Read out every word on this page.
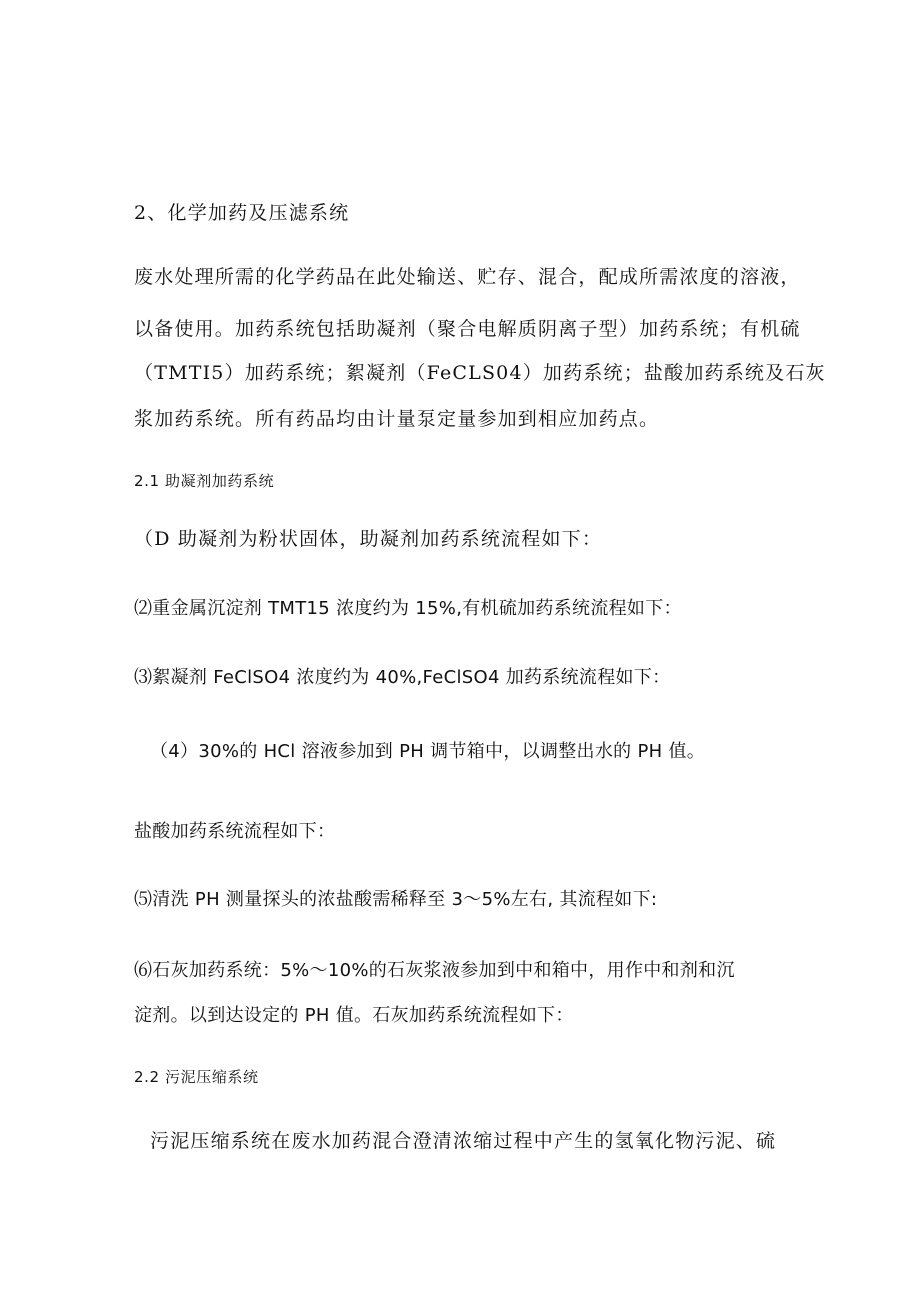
2、化学加药及压滤系统

废水处理所需的化学药品在此处输送、贮存、混合，配成所需浓度的溶液，

以备使用。加药系统包括助凝剂（聚合电解质阴离子型）加药系统；有机硫

（TMTI5）加药系统；絮凝剂（FeCLS04）加药系统；盐酸加药系统及石灰

浆加药系统。所有药品均由计量泵定量参加到相应加药点。

2.1 助凝剂加药系统

（D 助凝剂为粉状固体，助凝剂加药系统流程如下：

⑵重金属沉淀剂 TMT15 浓度约为 15%,有机硫加药系统流程如下：

⑶絮凝剂 FeClSO4 浓度约为 40%,FeClSO4 加药系统流程如下：

（4）30%的 HCl 溶液参加到 PH 调节箱中，以调整出水的 PH 值。

盐酸加药系统流程如下：

⑸清洗 PH 测量探头的浓盐酸需稀释至 3～5%左右, 其流程如下:

⑹石灰加药系统：5%～10%的石灰浆液参加到中和箱中，用作中和剂和沉

淀剂。以到达设定的 PH 值。石灰加药系统流程如下：

2.2 污泥压缩系统

污泥压缩系统在废水加药混合澄清浓缩过程中产生的氢氧化物污泥、硫
